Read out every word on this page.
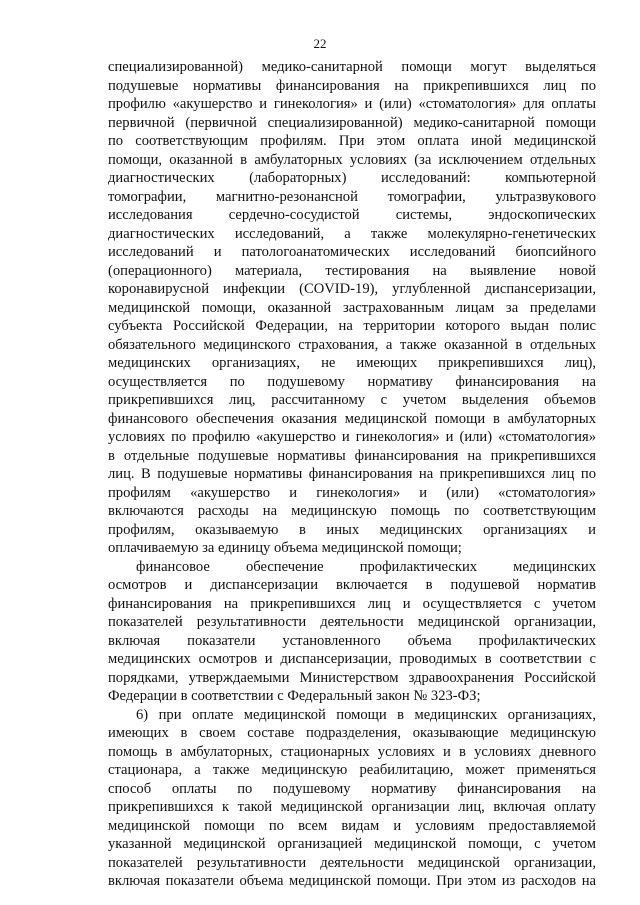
22
специализированной) медико-санитарной помощи могут выделяться
подушевые нормативы финансирования на прикрепившихся лиц по
профилю «акушерство и гинекология» и (или) «стоматология» для оплаты
первичной (первичной специализированной) медико-санитарной помощи
по соответствующим профилям. При этом оплата иной медицинской
помощи, оказанной в амбулаторных условиях (за исключением отдельных
диагностических (лабораторных) исследований: компьютерной
томографии, магнитно-резонансной томографии, ультразвукового
исследования сердечно-сосудистой системы, эндоскопических
диагностических исследований, а также молекулярно-генетических
исследований и патологоанатомических исследований биопсийного
(операционного) материала, тестирования на выявление новой
коронавирусной инфекции (COVID-19), углубленной диспансеризации,
медицинской помощи, оказанной застрахованным лицам за пределами
субъекта Российской Федерации, на территории которого выдан полис
обязательного медицинского страхования, а также оказанной в отдельных
медицинских организациях, не имеющих прикрепившихся лиц),
осуществляется по подушевому нормативу финансирования на
прикрепившихся лиц, рассчитанному с учетом выделения объемов
финансового обеспечения оказания медицинской помощи в амбулаторных
условиях по профилю «акушерство и гинекология» и (или) «стоматология»
в отдельные подушевые нормативы финансирования на прикрепившихся
лиц. В подушевые нормативы финансирования на прикрепившихся лиц по
профилям «акушерство и гинекология» и (или) «стоматология»
включаются расходы на медицинскую помощь по соответствующим
профилям, оказываемую в иных медицинских организациях и
оплачиваемую за единицу объема медицинской помощи;
финансовое обеспечение профилактических медицинских
осмотров и диспансеризации включается в подушевой норматив
финансирования на прикрепившихся лиц и осуществляется с учетом
показателей результативности деятельности медицинской организации,
включая показатели установленного объема профилактических
медицинских осмотров и диспансеризации, проводимых в соответствии с
порядками, утверждаемыми Министерством здравоохранения Российской
Федерации в соответствии с Федеральный закон № 323-ФЗ;
6) при оплате медицинской помощи в медицинских организациях,
имеющих в своем составе подразделения, оказывающие медицинскую
помощь в амбулаторных, стационарных условиях и в условиях дневного
стационара, а также медицинскую реабилитацию, может применяться
способ оплаты по подушевому нормативу финансирования на
прикрепившихся к такой медицинской организации лиц, включая оплату
медицинской помощи по всем видам и условиям предоставляемой
указанной медицинской организацией медицинской помощи, с учетом
показателей результативности деятельности медицинской организации,
включая показатели объема медицинской помощи. При этом из расходов на
